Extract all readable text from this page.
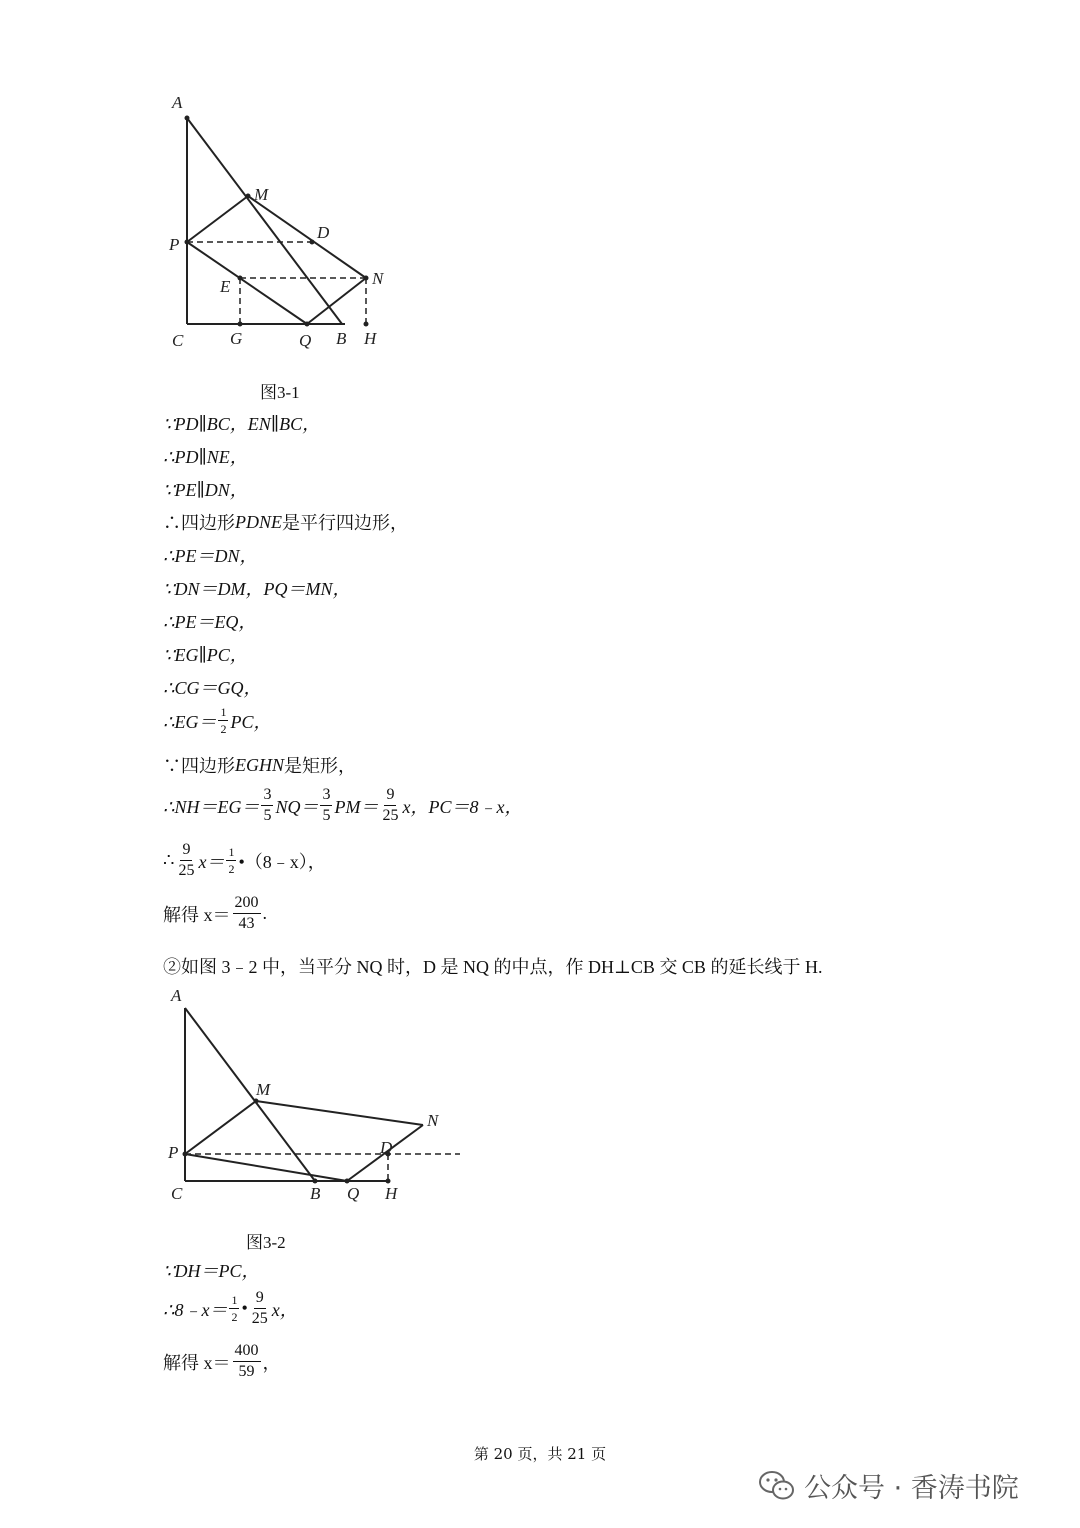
A
M
D
P
N
E
C	G	Q B H
图3-1
∵PD∥BC，EN∥BC，
∴PD∥NE，
∵PE∥DN，
∴四边形 PDNE 是平行四边形，
∴PE＝DN，
∵DN＝DM，PQ＝MN，
∴PE＝EQ，
∵EG∥PC，
∴CG＝GQ，
∴EG＝ $\frac{1}{2}$ PC，
∵四边形 EGHN 是矩形，
∴NH＝EG＝ $\frac{3}{5} NQ= \frac{3}{5} PM= \frac{9}{25}$ x，PC＝8﹣x，
∴ $\frac{9}{25} x= \frac{1}{2}$ •（8﹣x），
解得 $x= \frac{200}{43}$ .
②如图 3﹣2 中，当平分 NQ 时，D 是 NQ 的中点，作 DH⊥CB 交 CB 的延长线于 H.
A
M
N
D
P
C	B Q H
图3-2
∵DH＝PC，
∴8﹣x＝ $\frac{1}{2}$ • $\frac{9}{25}$ x，
解得 $x= \frac{400}{59}$ ，
第 20 页，共 21 页
公众号 · 香涛书院
